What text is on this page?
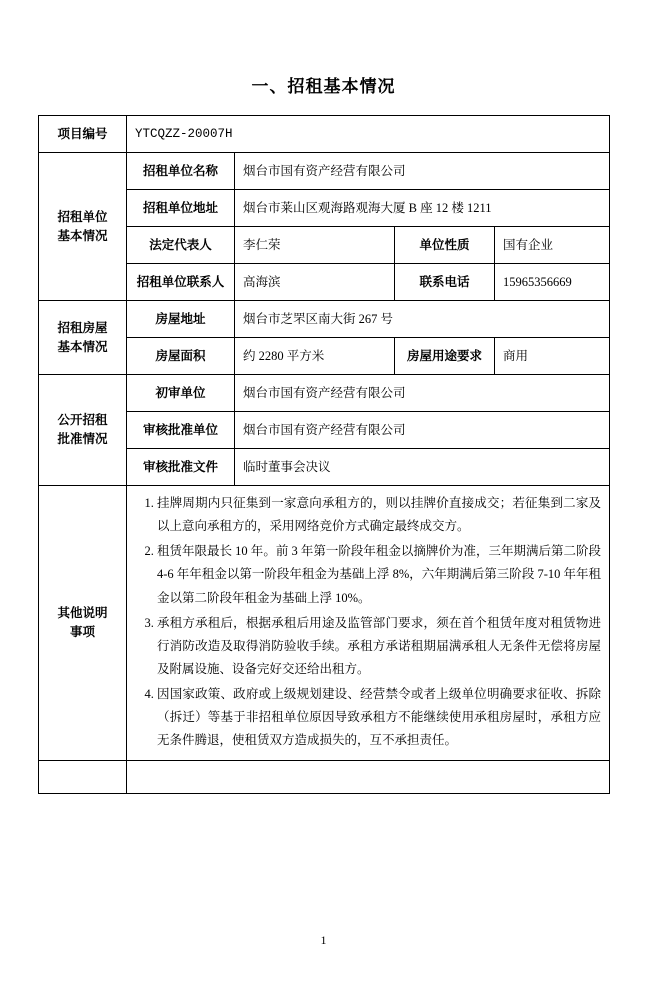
一、招租基本情况
项目编号	YTCQZZ-20007H			

招租单位
基本情况	招租单位名称	烟台市国有资产经营有限公司		
	招租单位地址	烟台市莱山区观海路观海大厦 B 座 12 楼 1211		
	法定代表人	李仁荣	单位性质	国有企业
	招租单位联系人	高海滨	联系电话	15965356669

招租房屋
基本情况	房屋地址	烟台市芝罘区南大街 267 号		
	房屋面积	约 2280 平方米	房屋用途要求	商用

公开招租
批准情况	初审单位	烟台市国有资产经营有限公司		
	审核批准单位	烟台市国有资产经营有限公司		
	审核批准文件	临时董事会决议		

其他说明
事项

1. 挂牌周期内只征集到一家意向承租方的，则以挂牌价直接成交；若征集到二家及以上意向承租方的，采用网络竞价方式确定最终成交方。
2. 租赁年限最长 10 年。前 3 年第一阶段年租金以摘牌价为准，三年期满后第二阶段 4-6 年年租金以第一阶段年租金为基础上浮 8%，六年期满后第三阶段 7-10 年年租金以第二阶段年租金为基础上浮 10%。
3. 承租方承租后，根据承租后用途及监管部门要求，须在首个租赁年度对租赁物进行消防改造及取得消防验收手续。承租方承诺租期届满承租人无条件无偿将房屋及附属设施、设备完好交还给出租方。
4. 因国家政策、政府或上级规划建设、经营禁令或者上级单位明确要求征收、拆除（拆迁）等基于非招租单位原因导致承租方不能继续使用承租房屋时，承租方应无条件腾退，使租赁双方造成损失的，互不承担责任。

1
